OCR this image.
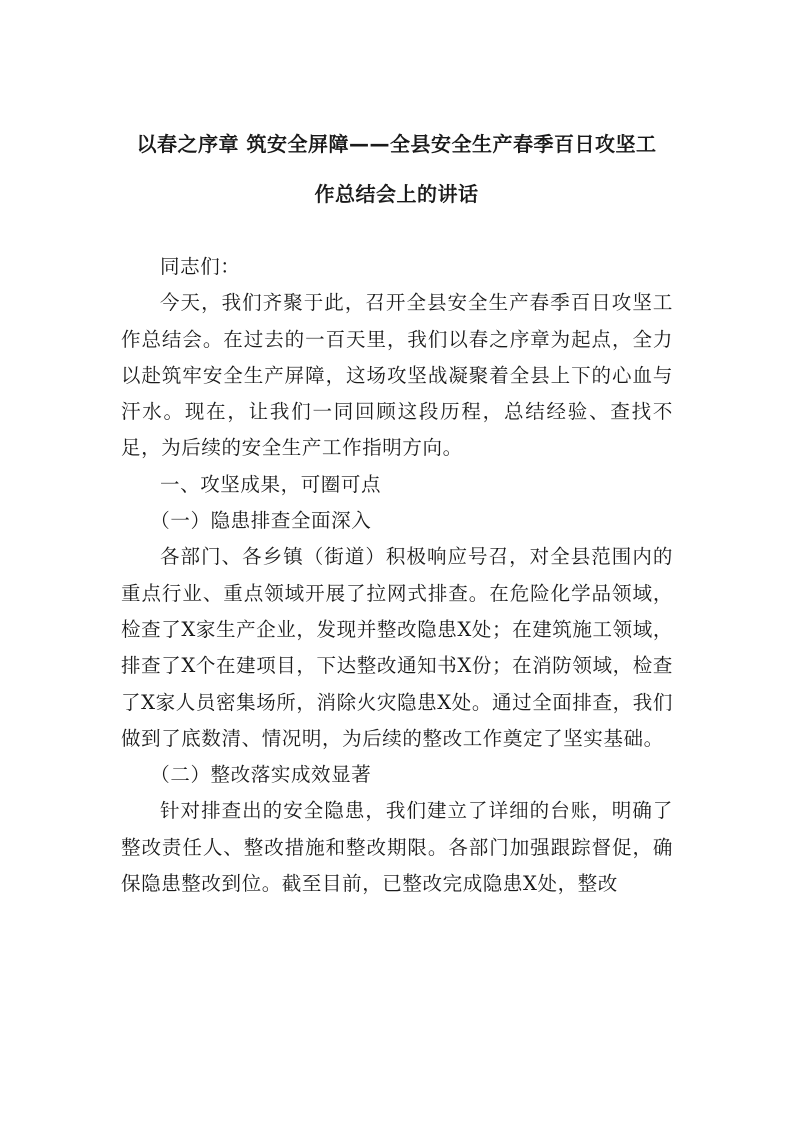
以春之序章 筑安全屏障——全县安全生产春季百日攻坚工
作总结会上的讲话

同志们：

今天，我们齐聚于此，召开全县安全生产春季百日攻坚工作总结会。在过去的一百天里，我们以春之序章为起点，全力以赴筑牢安全生产屏障，这场攻坚战凝聚着全县上下的心血与汗水。现在，让我们一同回顾这段历程，总结经验、查找不足，为后续的安全生产工作指明方向。

一、攻坚成果，可圈可点

（一）隐患排查全面深入

各部门、各乡镇（街道）积极响应号召，对全县范围内的重点行业、重点领域开展了拉网式排查。在危险化学品领域，检查了X家生产企业，发现并整改隐患X处；在建筑施工领域，排查了X个在建项目，下达整改通知书X份；在消防领域，检查了X家人员密集场所，消除火灾隐患X处。通过全面排查，我们做到了底数清、情况明，为后续的整改工作奠定了坚实基础。

（二）整改落实成效显著

针对排查出的安全隐患，我们建立了详细的台账，明确了整改责任人、整改措施和整改期限。各部门加强跟踪督促，确保隐患整改到位。截至目前，已整改完成隐患X处，整改
